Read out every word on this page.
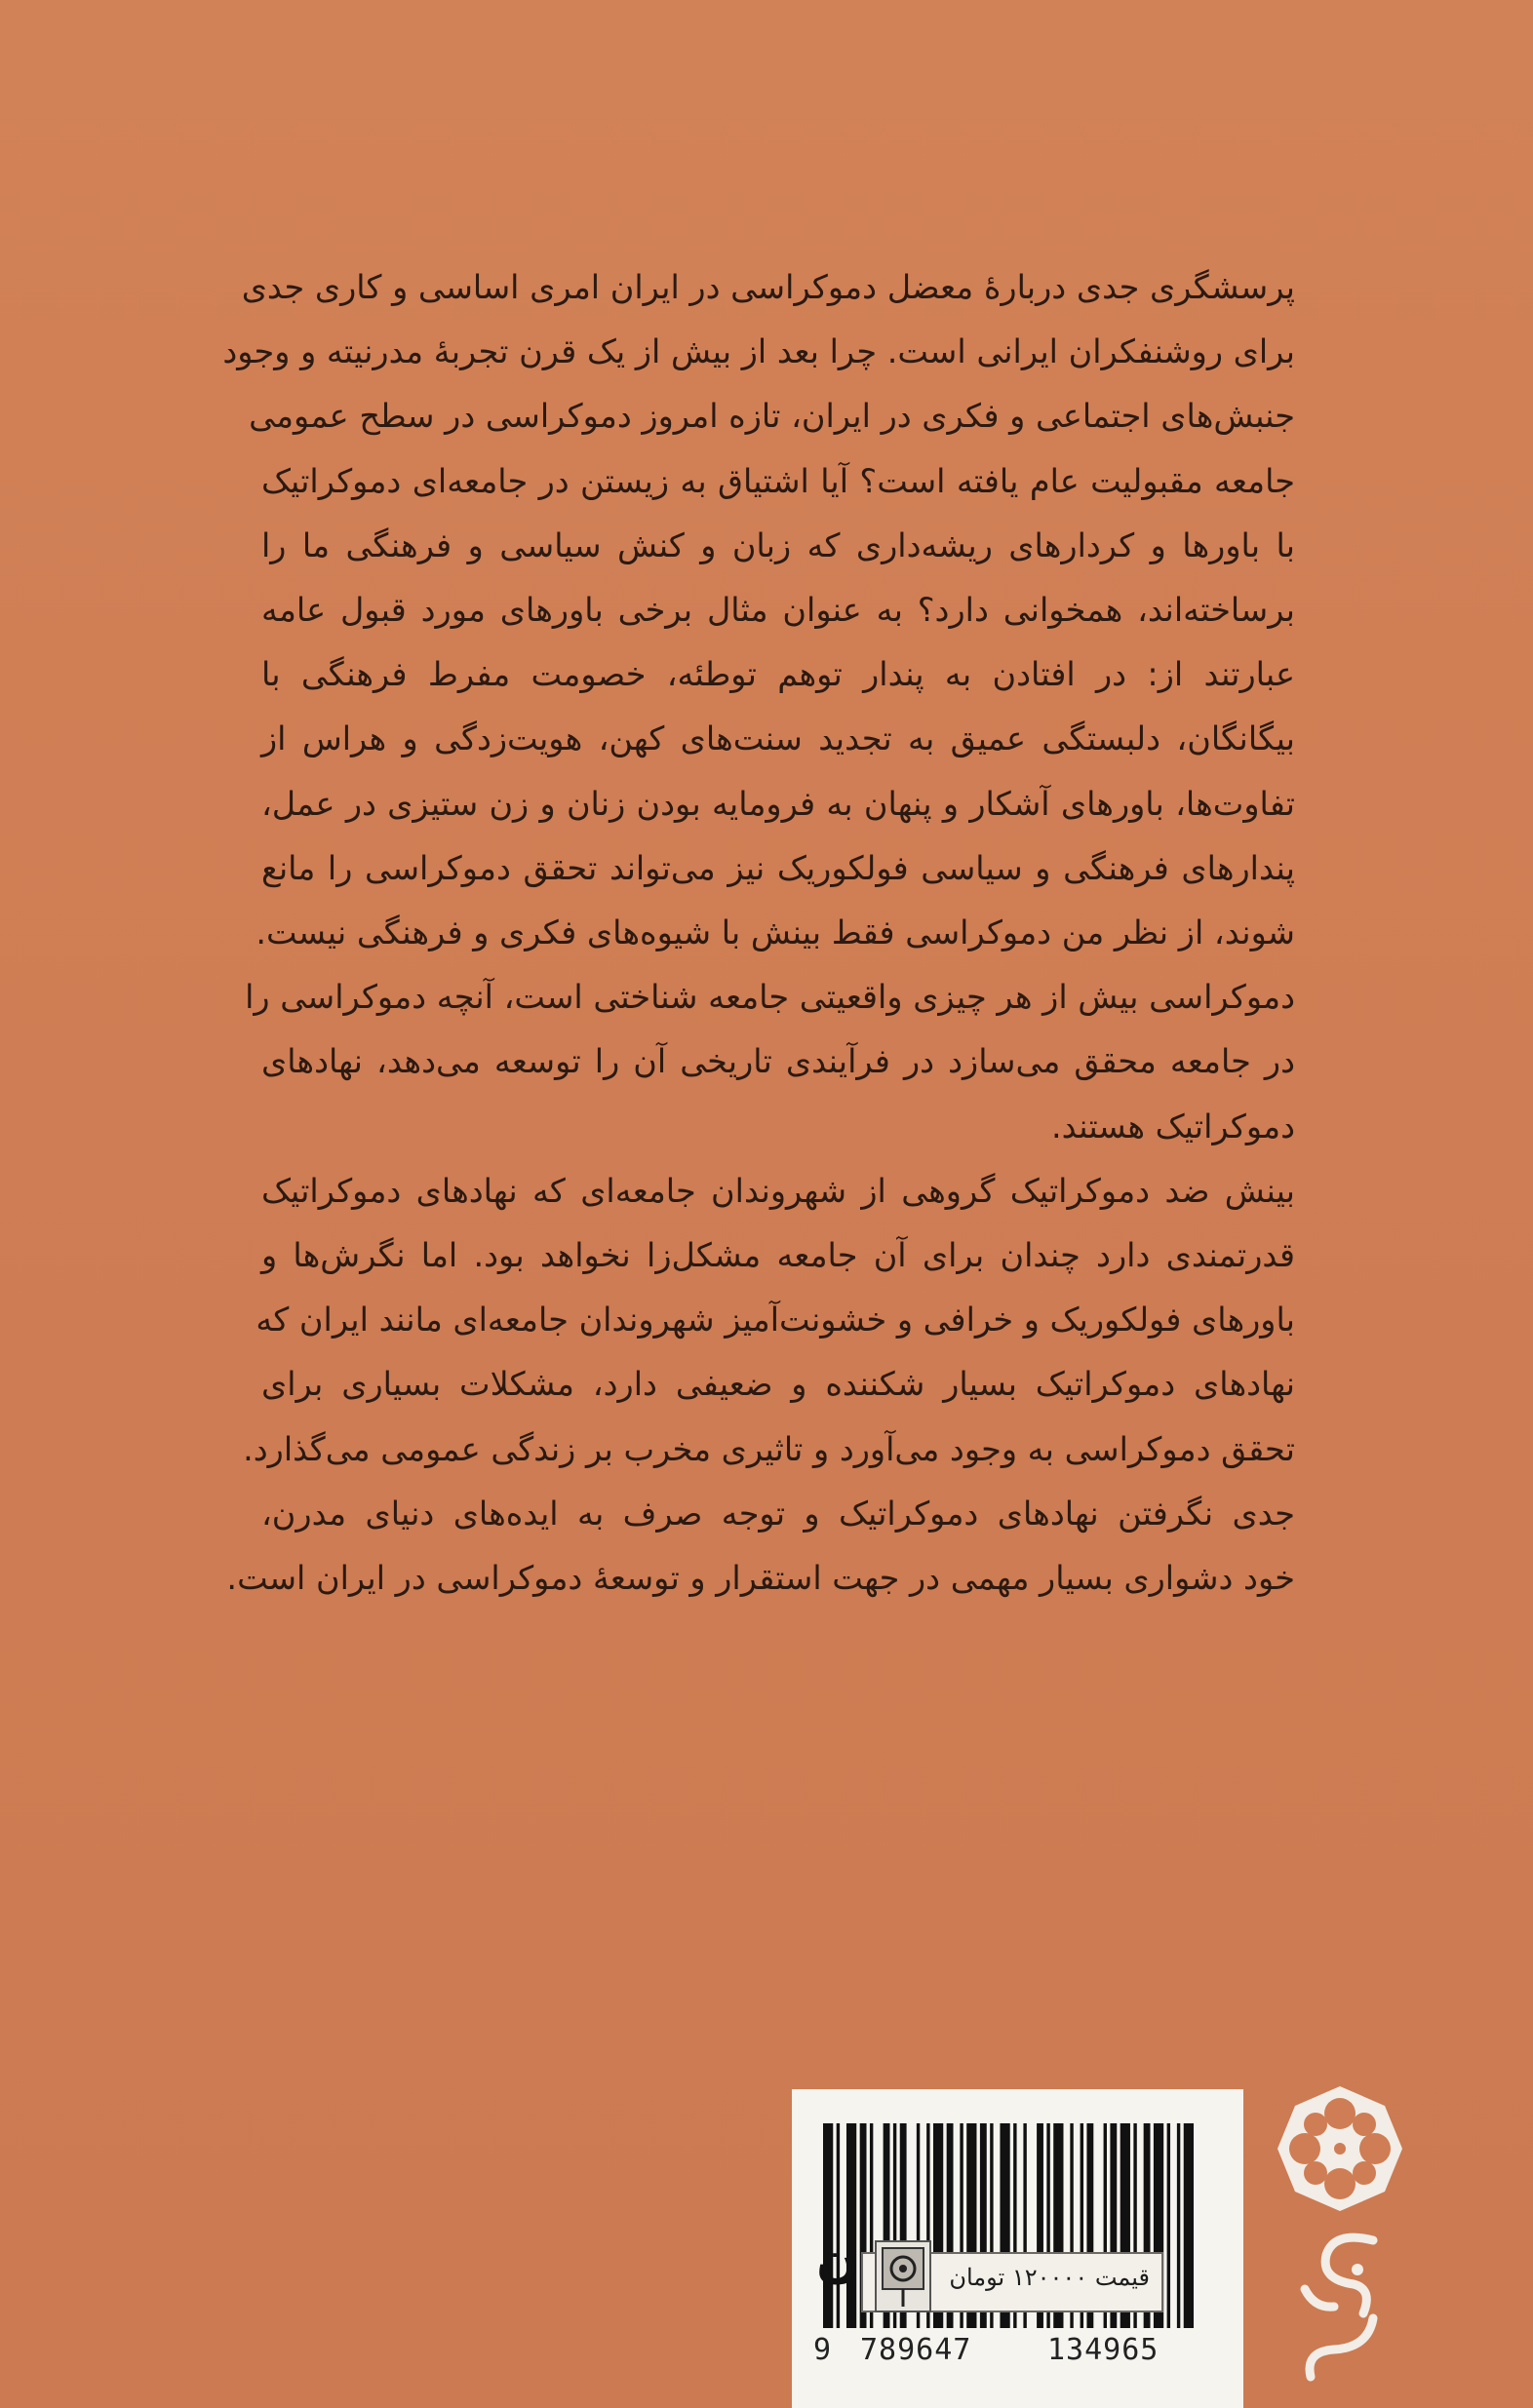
پرسشگری جدی دربارهٔ معضل دموکراسی در ایران امری اساسی و کاری جدی
برای روشنفکران ایرانی است. چرا بعد از بیش از یک قرن تجربهٔ مدرنیته و وجود
جنبش‌های اجتماعی و فکری در ایران، تازه امروز دموکراسی در سطح عمومی
جامعه مقبولیت عام یافته است؟ آیا اشتیاق به زیستن در جامعه‌ای دموکراتیک
با باورها و کردارهای ریشه‌داری که زبان و کنش سیاسی و فرهنگی ما را
برساخته‌اند، همخوانی دارد؟ به عنوان مثال برخی باورهای مورد قبول عامه
عبارتند از: در افتادن به پندار توهم توطئه، خصومت مفرط فرهنگی با
بیگانگان، دلبستگی عمیق به تجدید سنت‌های کهن، هویت‌زدگی و هراس از
تفاوت‌ها، باورهای آشکار و پنهان به فرومایه بودن زنان و زن ستیزی در عمل،
پندارهای فرهنگی و سیاسی فولکوریک نیز می‌تواند تحقق دموکراسی را مانع
شوند، از نظر من دموکراسی فقط بینش با شیوه‌های فکری و فرهنگی نیست.
دموکراسی بیش از هر چیزی واقعیتی جامعه شناختی است، آنچه دموکراسی را
در جامعه محقق می‌سازد در فرآیندی تاریخی آن را توسعه می‌دهد، نهادهای
دموکراتیک هستند.

بینش ضد دموکراتیک گروهی از شهروندان جامعه‌ای که نهادهای دموکراتیک
قدرتمندی دارد چندان برای آن جامعه مشکل‌زا نخواهد بود. اما نگرش‌ها و
باورهای فولکوریک و خرافی و خشونت‌آمیز شهروندان جامعه‌ای مانند ایران که
نهادهای دموکراتیک بسیار شکننده و ضعیفی دارد، مشکلات بسیاری برای
تحقق دموکراسی به وجود می‌آورد و تاثیری مخرب بر زندگی عمومی می‌گذارد.
جدی نگرفتن نهادهای دموکراتیک و توجه صرف به ایده‌های دنیای مدرن،
خود دشواری بسیار مهمی در جهت استقرار و توسعهٔ دموکراسی در ایران است.

9 789647	134965
ن	قیمت ۱۲۰۰۰۰ تومان
